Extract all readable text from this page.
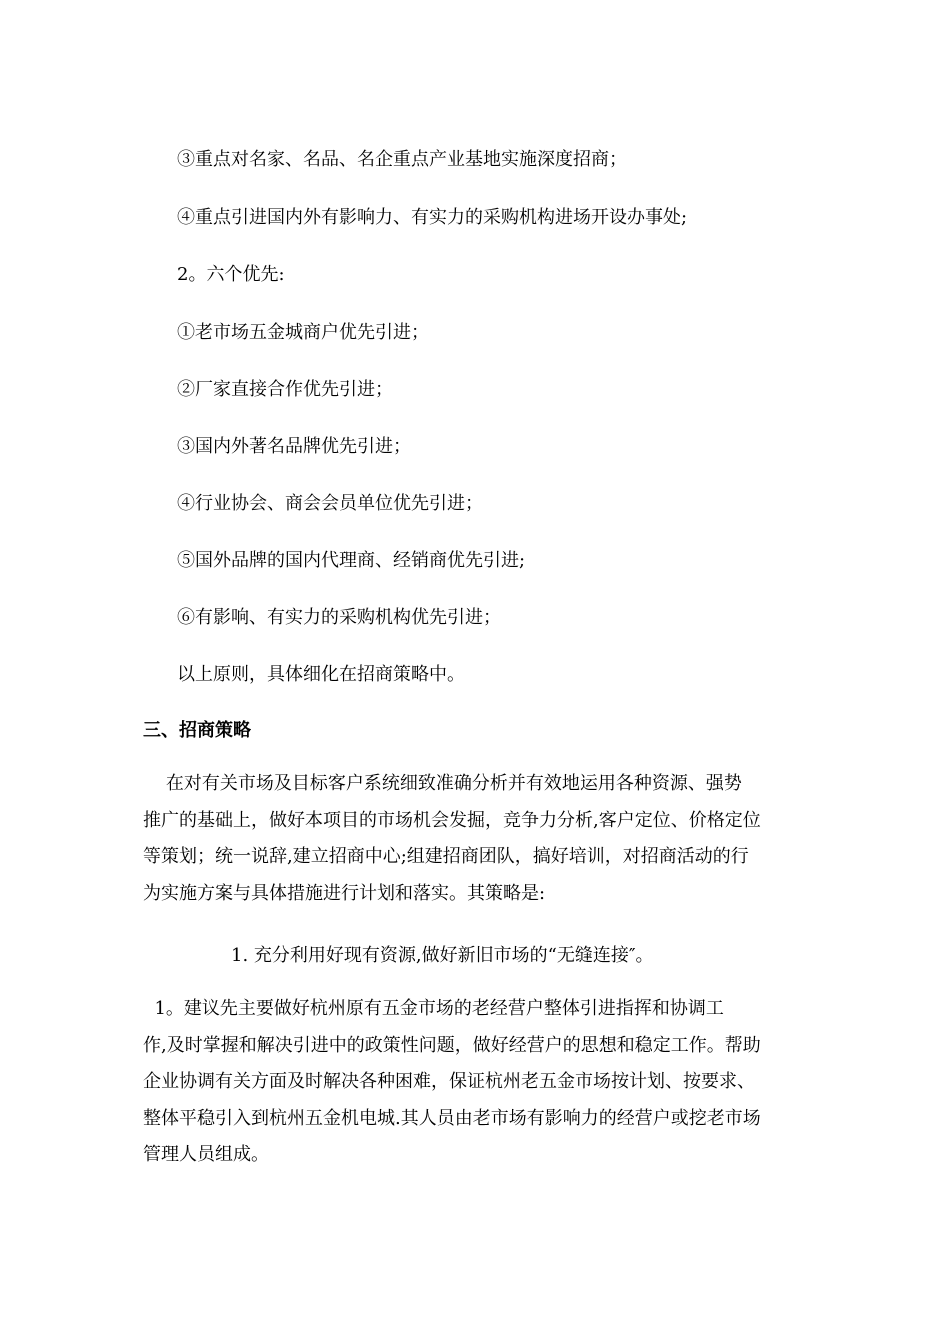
③重点对名家、名品、名企重点产业基地实施深度招商；
④重点引进国内外有影响力、有实力的采购机构进场开设办事处;
2。六个优先:
①老市场五金城商户优先引进；
②厂家直接合作优先引进；
③国内外著名品牌优先引进；
④行业协会、商会会员单位优先引进；
⑤国外品牌的国内代理商、经销商优先引进;
⑥有影响、有实力的采购机构优先引进；
以上原则，具体细化在招商策略中。
三、招商策略
在对有关市场及目标客户系统细致准确分析并有效地运用各种资源、强势
推广的基础上，做好本项目的市场机会发掘，竞争力分析,客户定位、价格定位
等策划；统一说辞,建立招商中心;组建招商团队，搞好培训，对招商活动的行
为实施方案与具体措施进行计划和落实。其策略是:
1. 充分利用好现有资源,做好新旧市场的“无缝连接″。
1。建议先主要做好杭州原有五金市场的老经营户整体引进指挥和协调工
作,及时掌握和解决引进中的政策性问题，做好经营户的思想和稳定工作。帮助
企业协调有关方面及时解决各种困难，保证杭州老五金市场按计划、按要求、
整体平稳引入到杭州五金机电城.其人员由老市场有影响力的经营户或挖老市场
管理人员组成。
